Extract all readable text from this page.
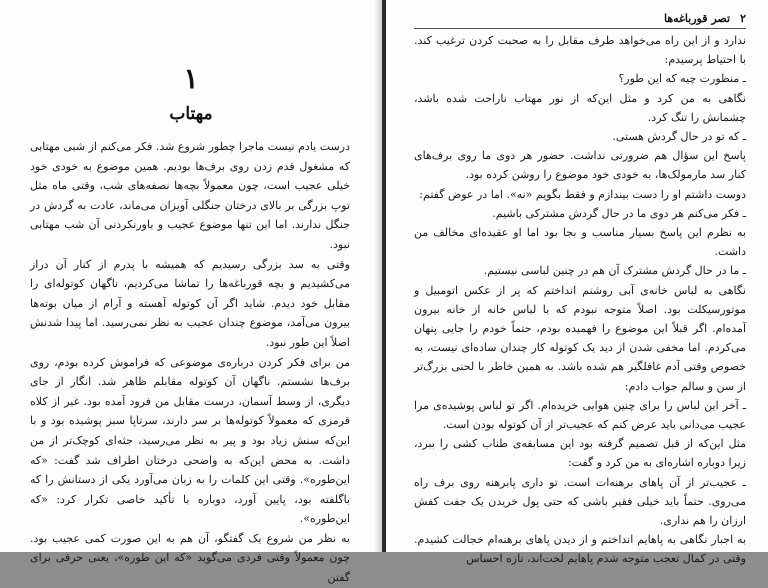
۱
مهتاب

درست یادم نیست ماجرا چطور شروع شد. فکر می‌کنم از شبی مهتابی که مشغول قدم زدن روی برف‌ها بودیم. همین موضوع به خودی خود خیلی عجیب است، چون معمولاً بچه‌ها نصفه‌های شب، وقتی ماه مثل توپ بزرگی بر بالای درختان جنگلی آویزان می‌ماند، عادت به گردش در جنگل ندارند. اما این تنها موضوع عجیب و باورنکردنی آن شب مهتابی نبود.

وقتی به سد بزرگی رسیدیم که همیشه با پدرم از کنار آن دراز می‌کشیدیم و بچه قورباغه‌ها را تماشا می‌کردیم، ناگهان کوتوله‌ای را مقابل خود دیدم. شاید اگر آن کوتوله آهسته و آرام از میان بوته‌ها بیرون می‌آمد، موضوع چندان عجیب به نظر نمی‌رسید. اما پیدا شدنش اصلاً این طور نبود.

من برای فکر کردن درباره‌ی موضوعی که فراموش کرده بودم، روی برف‌ها نشستم. ناگهان آن کوتوله مقابلم ظاهر شد. انگار از جای دیگری، از وسط آسمان، درست مقابل من فرود آمده بود. غیر از کلاه قرمزی که معمولاً کوتوله‌ها بر سر دارند، سرتاپا سبز پوشیده بود و با این‌که سنش زیاد بود و پیر به نظر می‌رسید، جثه‌ای کوچک‌تر از من داشت. به محض این‌که به واضحی درختان اطراف شد گفت: «که این‌طوره». وقتی این کلمات را به زبان می‌آورد یکی از دستانش را که باگلفته بود، پایین آورد، دوباره با تأکید خاصی تکرار کرد: «که این‌طوره».

به نظر من شروع یک گفتگو، آن هم به این صورت کمی عجیب بود. چون معمولاً وقتی فردی می‌گوید «که این طوره»، یعنی حرفی برای گفتن

۲
تصر قورباغه‌ها

ندارد و از این راه می‌خواهد طرف مقابل را به صحبت کردن ترغیب کند. با احتیاط پرسیدم:

ـ منظورت چیه که این طور؟

نگاهی به من کرد و مثل این‌که از نور مهتاب ناراحت شده باشد، چشمانش را تنگ کرد.

ـ که تو در حال گردش هستی.

پاسخ این سؤال هم ضرورتی نداشت. حضور هر دوی ما روی برف‌های کنار سد مارمولک‌ها، به خودی خود موضوع را روشن کرده بود.

دوست داشتم او را دست بیندازم و فقط بگویم «نه». اما در عوض گفتم:

ـ فکر می‌کنم هر دوی ما در حال گردش مشترکی باشیم.

به نظرم این پاسخ بسیار مناسب و بجا بود اما او عقیده‌ای مخالف من داشت.

ـ ما در حال گردش مشترک آن هم در چنین لباسی نیستیم.

نگاهی به لباس خانه‌ی آبی روشنم انداختم که پر از عکس اتومبیل و موتورسیکلت بود. اصلاً متوجه نبودم که با لباس خانه از خانه بیرون آمده‌ام. اگر قبلاً این موضوع را فهمیده بودم، حتماً خودم را جایی پنهان می‌کردم. اما مخفی شدن از دید یک کوتوله کار چندان ساده‌ای نیست، به خصوص وقتی آدم غافلگیر هم شده باشد. به همین خاطر با لحنی بزرگ‌تر از سن و سالم جواب دادم:

ـ آخر این لباس را برای چنین هوایی خریده‌ام. اگر تو لباس پوشیده‌ی مرا عجیب می‌دانی باید عرض کنم که عجیب‌تر از آن کوتوله بودن است.

مثل این‌که از قبل تصمیم گرفته بود این مسابقه‌ی طناب کشی را ببرد، زیرا دوباره اشاره‌ای به من کرد و گفت:

ـ عجیب‌تر از آن پاهای برهنه‌ات است. تو داری پابرهنه روی برف راه می‌روی. حتماً باید خیلی فقیر باشی که حتی پول خریدن یک جفت کفش ارزان را هم نداری.

به اجبار نگاهی به پاهایم انداختم و از دیدن پاهای برهنه‌ام خجالت کشیدم. وقتی در کمال تعجب متوجه شدم پاهایم لخت‌اند، تازه احساس
